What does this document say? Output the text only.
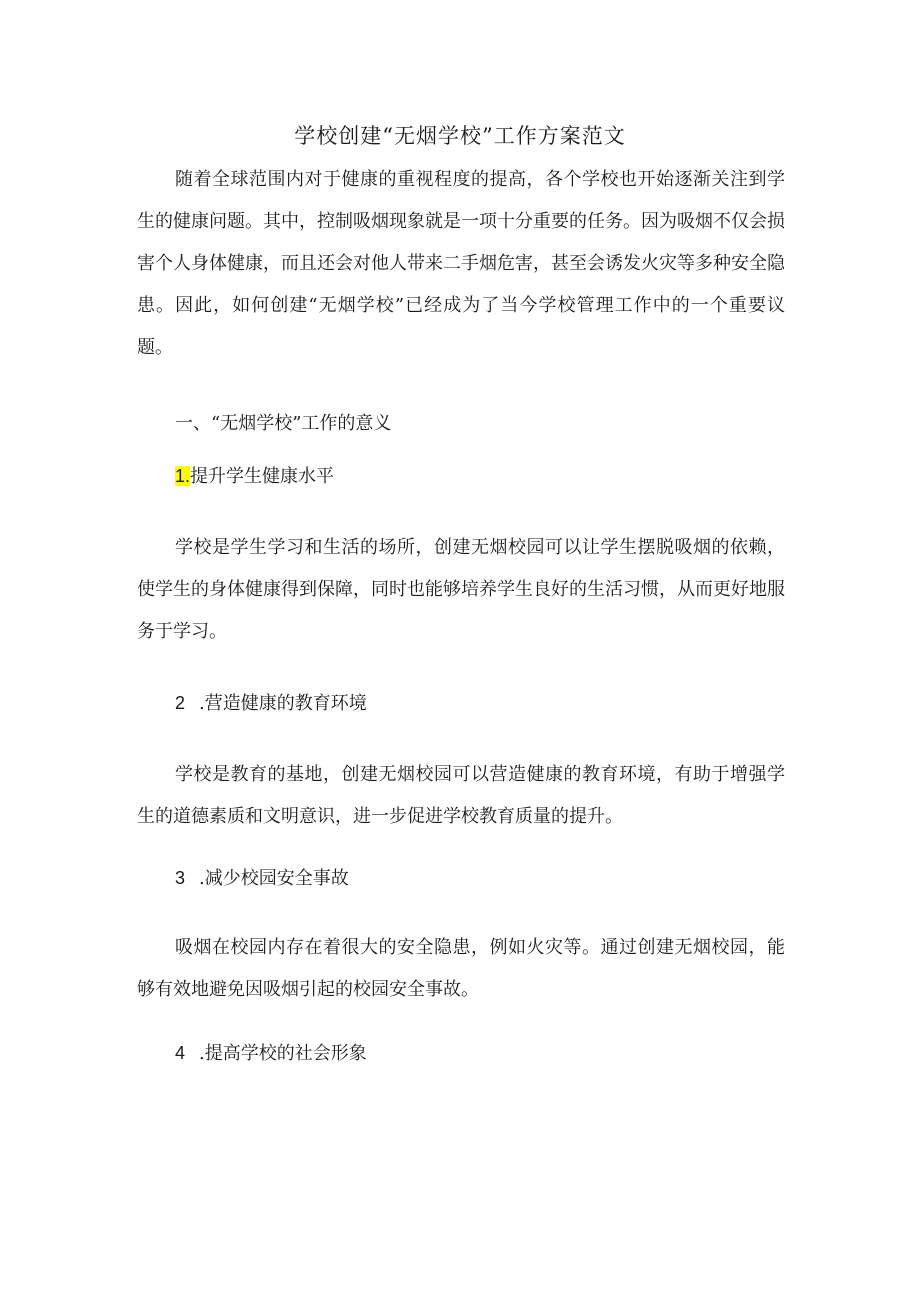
学校创建“无烟学校”工作方案范文

随着全球范围内对于健康的重视程度的提高，各个学校也开始逐渐关注到学生的健康问题。其中，控制吸烟现象就是一项十分重要的任务。因为吸烟不仅会损害个人身体健康，而且还会对他人带来二手烟危害，甚至会诱发火灾等多种安全隐患。因此，如何创建“无烟学校”已经成为了当今学校管理工作中的一个重要议题。

一、“无烟学校”工作的意义
1.提升学生健康水平

学校是学生学习和生活的场所，创建无烟校园可以让学生摆脱吸烟的依赖，使学生的身体健康得到保障，同时也能够培养学生良好的生活习惯，从而更好地服务于学习。

2 .营造健康的教育环境

学校是教育的基地，创建无烟校园可以营造健康的教育环境，有助于增强学生的道德素质和文明意识，进一步促进学校教育质量的提升。

3 .减少校园安全事故

吸烟在校园内存在着很大的安全隐患，例如火灾等。通过创建无烟校园，能够有效地避免因吸烟引起的校园安全事故。

4 .提高学校的社会形象
